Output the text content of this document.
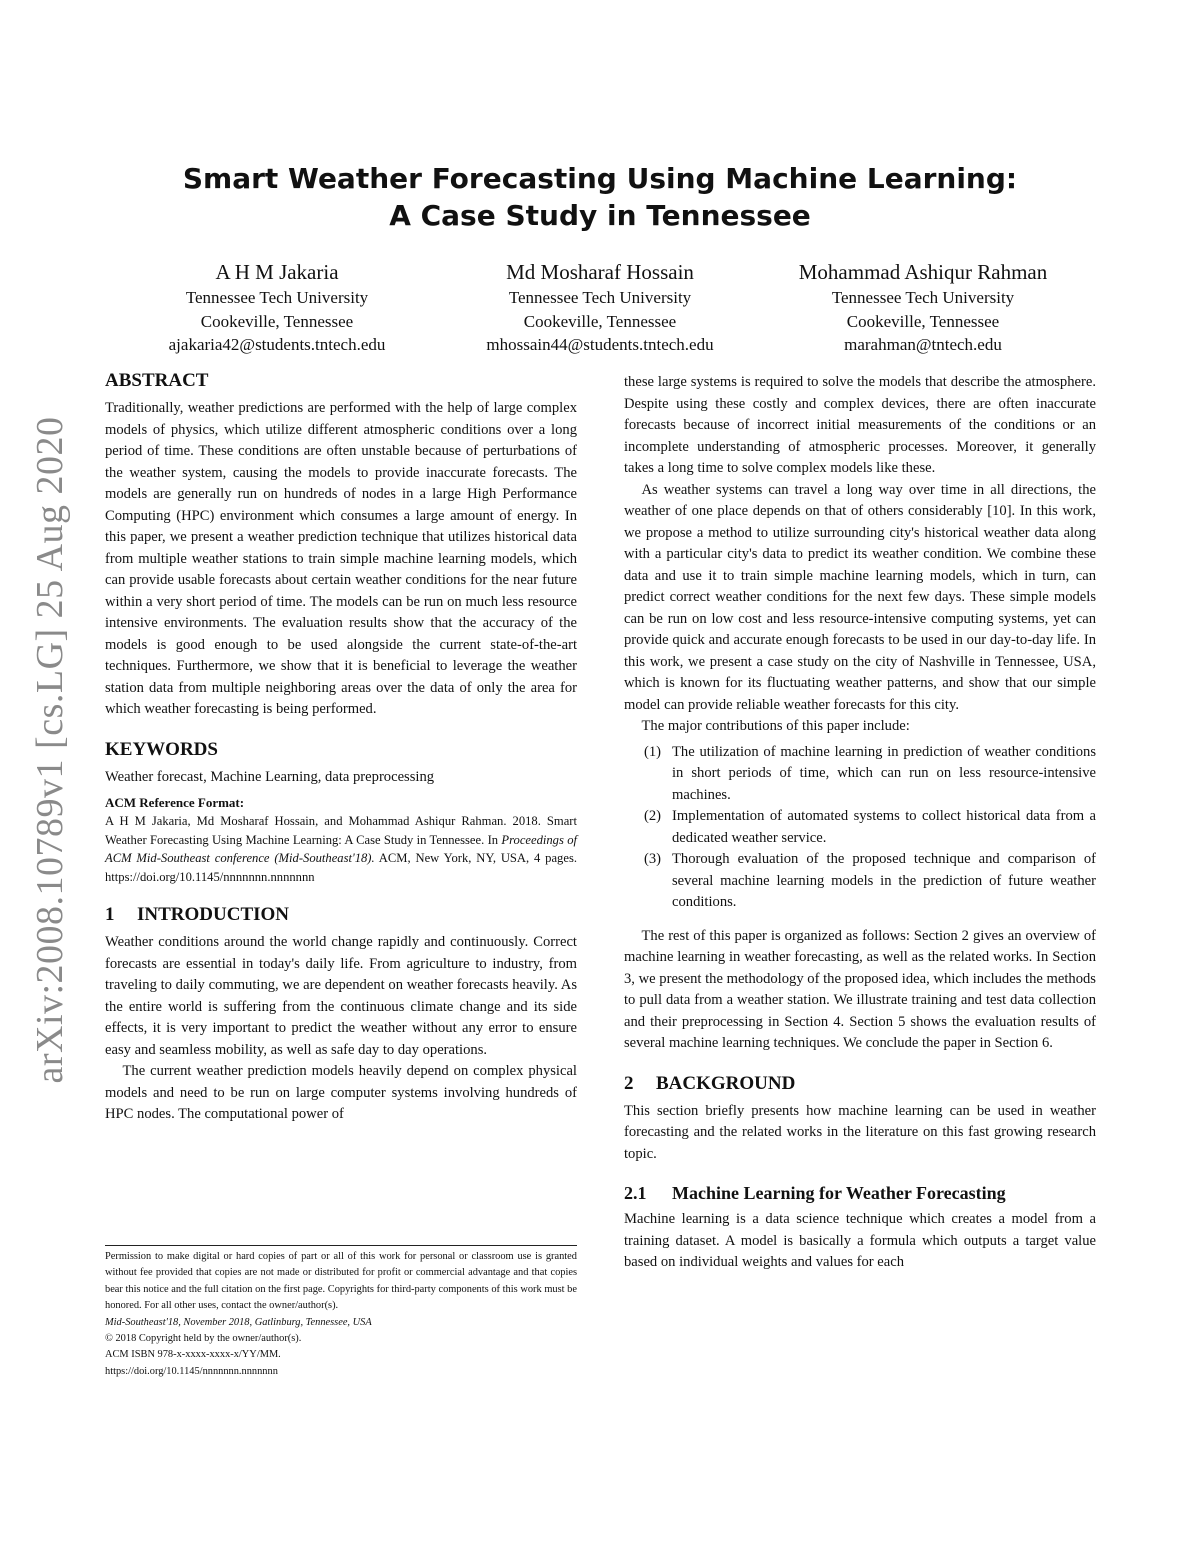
arXiv:2008.10789v1 [cs.LG] 25 Aug 2020
Smart Weather Forecasting Using Machine Learning:
A Case Study in Tennessee
A H M Jakaria
Tennessee Tech University
Cookeville, Tennessee
ajakaria42@students.tntech.edu
Md Mosharaf Hossain
Tennessee Tech University
Cookeville, Tennessee
mhossain44@students.tntech.edu
Mohammad Ashiqur Rahman
Tennessee Tech University
Cookeville, Tennessee
marahman@tntech.edu
ABSTRACT

Traditionally, weather predictions are performed with the help of large complex models of physics, which utilize different atmospheric conditions over a long period of time. These conditions are often unstable because of perturbations of the weather system, causing the models to provide inaccurate forecasts. The models are generally run on hundreds of nodes in a large High Performance Computing (HPC) environment which consumes a large amount of energy. In this paper, we present a weather prediction technique that utilizes historical data from multiple weather stations to train simple machine learning models, which can provide usable forecasts about certain weather conditions for the near future within a very short period of time. The models can be run on much less resource intensive environments. The evaluation results show that the accuracy of the models is good enough to be used alongside the current state-of-the-art techniques. Furthermore, we show that it is beneficial to leverage the weather station data from multiple neighboring areas over the data of only the area for which weather forecasting is being performed.

KEYWORDS

Weather forecast, Machine Learning, data preprocessing

ACM Reference Format:
A H M Jakaria, Md Mosharaf Hossain, and Mohammad Ashiqur Rahman. 2018. Smart Weather Forecasting Using Machine Learning: A Case Study in Tennessee. In Proceedings of ACM Mid-Southeast conference (Mid-Southeast'18). ACM, New York, NY, USA, 4 pages. https://doi.org/10.1145/nnnnnnn.nnnnnnn
1 INTRODUCTION

Weather conditions around the world change rapidly and continuously. Correct forecasts are essential in today's daily life. From agriculture to industry, from traveling to daily commuting, we are dependent on weather forecasts heavily. As the entire world is suffering from the continuous climate change and its side effects, it is very important to predict the weather without any error to ensure easy and seamless mobility, as well as safe day to day operations.

The current weather prediction models heavily depend on complex physical models and need to be run on large computer systems involving hundreds of HPC nodes. The computational power of

Permission to make digital or hard copies of part or all of this work for personal or classroom use is granted without fee provided that copies are not made or distributed for profit or commercial advantage and that copies bear this notice and the full citation on the first page. Copyrights for third-party components of this work must be honored. For all other uses, contact the owner/author(s).

Mid-Southeast'18, November 2018, Gatlinburg, Tennessee, USA

© 2018 Copyright held by the owner/author(s).

ACM ISBN 978-x-xxxx-xxxx-x/YY/MM.

https://doi.org/10.1145/nnnnnnn.nnnnnnn

these large systems is required to solve the models that describe the atmosphere. Despite using these costly and complex devices, there are often inaccurate forecasts because of incorrect initial measurements of the conditions or an incomplete understanding of atmospheric processes. Moreover, it generally takes a long time to solve complex models like these.

As weather systems can travel a long way over time in all directions, the weather of one place depends on that of others considerably [10]. In this work, we propose a method to utilize surrounding city's historical weather data along with a particular city's data to predict its weather condition. We combine these data and use it to train simple machine learning models, which in turn, can predict correct weather conditions for the next few days. These simple models can be run on low cost and less resource-intensive computing systems, yet can provide quick and accurate enough forecasts to be used in our day-to-day life. In this work, we present a case study on the city of Nashville in Tennessee, USA, which is known for its fluctuating weather patterns, and show that our simple model can provide reliable weather forecasts for this city.

The major contributions of this paper include:

(1) The utilization of machine learning in prediction of weather conditions in short periods of time, which can run on less resource-intensive machines.
(2) Implementation of automated systems to collect historical data from a dedicated weather service.
(3) Thorough evaluation of the proposed technique and comparison of several machine learning models in the prediction of future weather conditions.

The rest of this paper is organized as follows: Section 2 gives an overview of machine learning in weather forecasting, as well as the related works. In Section 3, we present the methodology of the proposed idea, which includes the methods to pull data from a weather station. We illustrate training and test data collection and their preprocessing in Section 4. Section 5 shows the evaluation results of several machine learning techniques. We conclude the paper in Section 6.

2 BACKGROUND

This section briefly presents how machine learning can be used in weather forecasting and the related works in the literature on this fast growing research topic.

2.1 Machine Learning for Weather Forecasting

Machine learning is a data science technique which creates a model from a training dataset. A model is basically a formula which outputs a target value based on individual weights and values for each
